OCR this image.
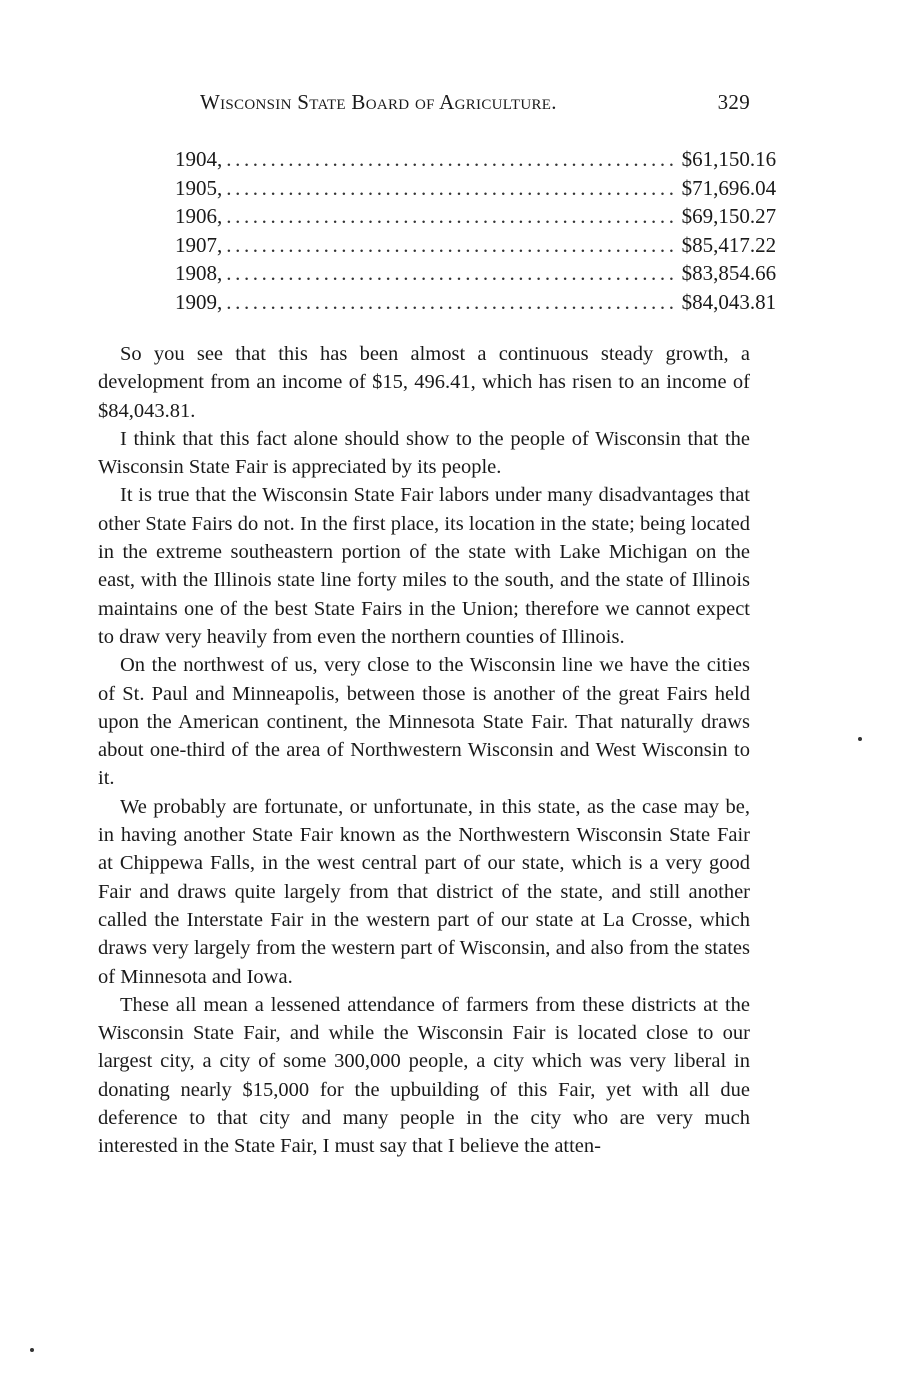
Wisconsin State Board of Agriculture.	329
1904, ................................................... $61,150.16
1905, ................................................... $71,696.04
1906, ................................................... $69,150.27
1907, ................................................... $85,417.22
1908, ................................................... $83,854.66
1909, ................................................... $84,043.81

So you see that this has been almost a continuous steady growth, a development from an income of $15, 496.41, which has risen to an income of $84,043.81.

I think that this fact alone should show to the people of Wisconsin that the Wisconsin State Fair is appreciated by its people.

It is true that the Wisconsin State Fair labors under many disadvantages that other State Fairs do not. In the first place, its location in the state; being located in the extreme southeastern portion of the state with Lake Michigan on the east, with the Illinois state line forty miles to the south, and the state of Illinois maintains one of the best State Fairs in the Union; therefore we cannot expect to draw very heavily from even the northern counties of Illinois.

On the northwest of us, very close to the Wisconsin line we have the cities of St. Paul and Minneapolis, between those is another of the great Fairs held upon the American continent, the Minnesota State Fair. That naturally draws about one-third of the area of Northwestern Wisconsin and West Wisconsin to it.

We probably are fortunate, or unfortunate, in this state, as the case may be, in having another State Fair known as the Northwestern Wisconsin State Fair at Chippewa Falls, in the west central part of our state, which is a very good Fair and draws quite largely from that district of the state, and still another called the Interstate Fair in the western part of our state at La Crosse, which draws very largely from the western part of Wisconsin, and also from the states of Minnesota and Iowa.

These all mean a lessened attendance of farmers from these districts at the Wisconsin State Fair, and while the Wisconsin Fair is located close to our largest city, a city of some 300,000 people, a city which was very liberal in donating nearly $15,000 for the upbuilding of this Fair, yet with all due deference to that city and many people in the city who are very much interested in the State Fair, I must say that I believe the atten-
